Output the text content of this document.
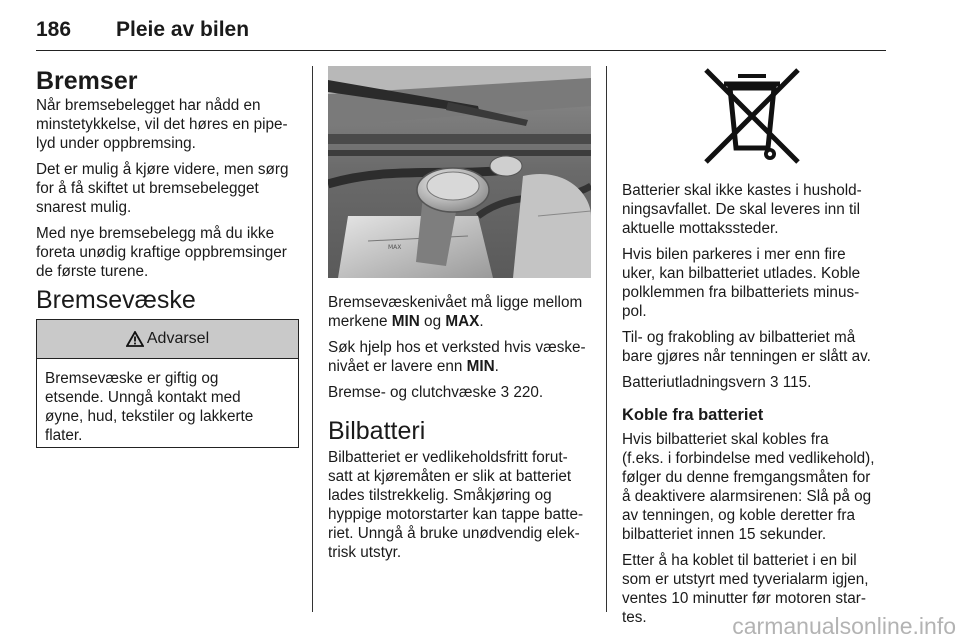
186 Pleie av bilen
Bremser

Når bremsebelegget har nådd en
minstetykkelse, vil det høres en pipe-
lyd under oppbremsing.

Det er mulig å kjøre videre, men sørg
for å få skiftet ut bremsebelegget
snarest mulig.

Med nye bremsebelegg må du ikke
foreta unødig kraftige oppbremsinger
de første turene.

Bremsevæske
Advarsel
Bremsevæske er giftig og
etsende. Unngå kontakt med
øyne, hud, tekstiler og lakkerte
flater.
MAX

Bremsevæskenivået må ligge mellom
merkene MIN og MAX.

Søk hjelp hos et verksted hvis væske-
nivået er lavere enn MIN.

Bremse- og clutchvæske 3 220.

Bilbatteri

Bilbatteriet er vedlikeholdsfritt forut-
satt at kjøremåten er slik at batteriet
lades tilstrekkelig. Småkjøring og
hyppige motorstarter kan tappe batte-
riet. Unngå å bruke unødvendig elek-
trisk utstyr.

Batterier skal ikke kastes i hushold-
ningsavfallet. De skal leveres inn til
aktuelle mottakssteder.

Hvis bilen parkeres i mer enn fire
uker, kan bilbatteriet utlades. Koble
polklemmen fra bilbatteriets minus-
pol.

Til- og frakobling av bilbatteriet må
bare gjøres når tenningen er slått av.

Batteriutladningsvern 3 115.

Koble fra batteriet

Hvis bilbatteriet skal kobles fra
(f.eks. i forbindelse med vedlikehold),
følger du denne fremgangsmåten for
å deaktivere alarmsirenen: Slå på og
av tenningen, og koble deretter fra
bilbatteriet innen 15 sekunder.

Etter å ha koblet til batteriet i en bil
som er utstyrt med tyverialarm igjen,
ventes 10 minutter før motoren star-
tes.	carmanualsonline.info
